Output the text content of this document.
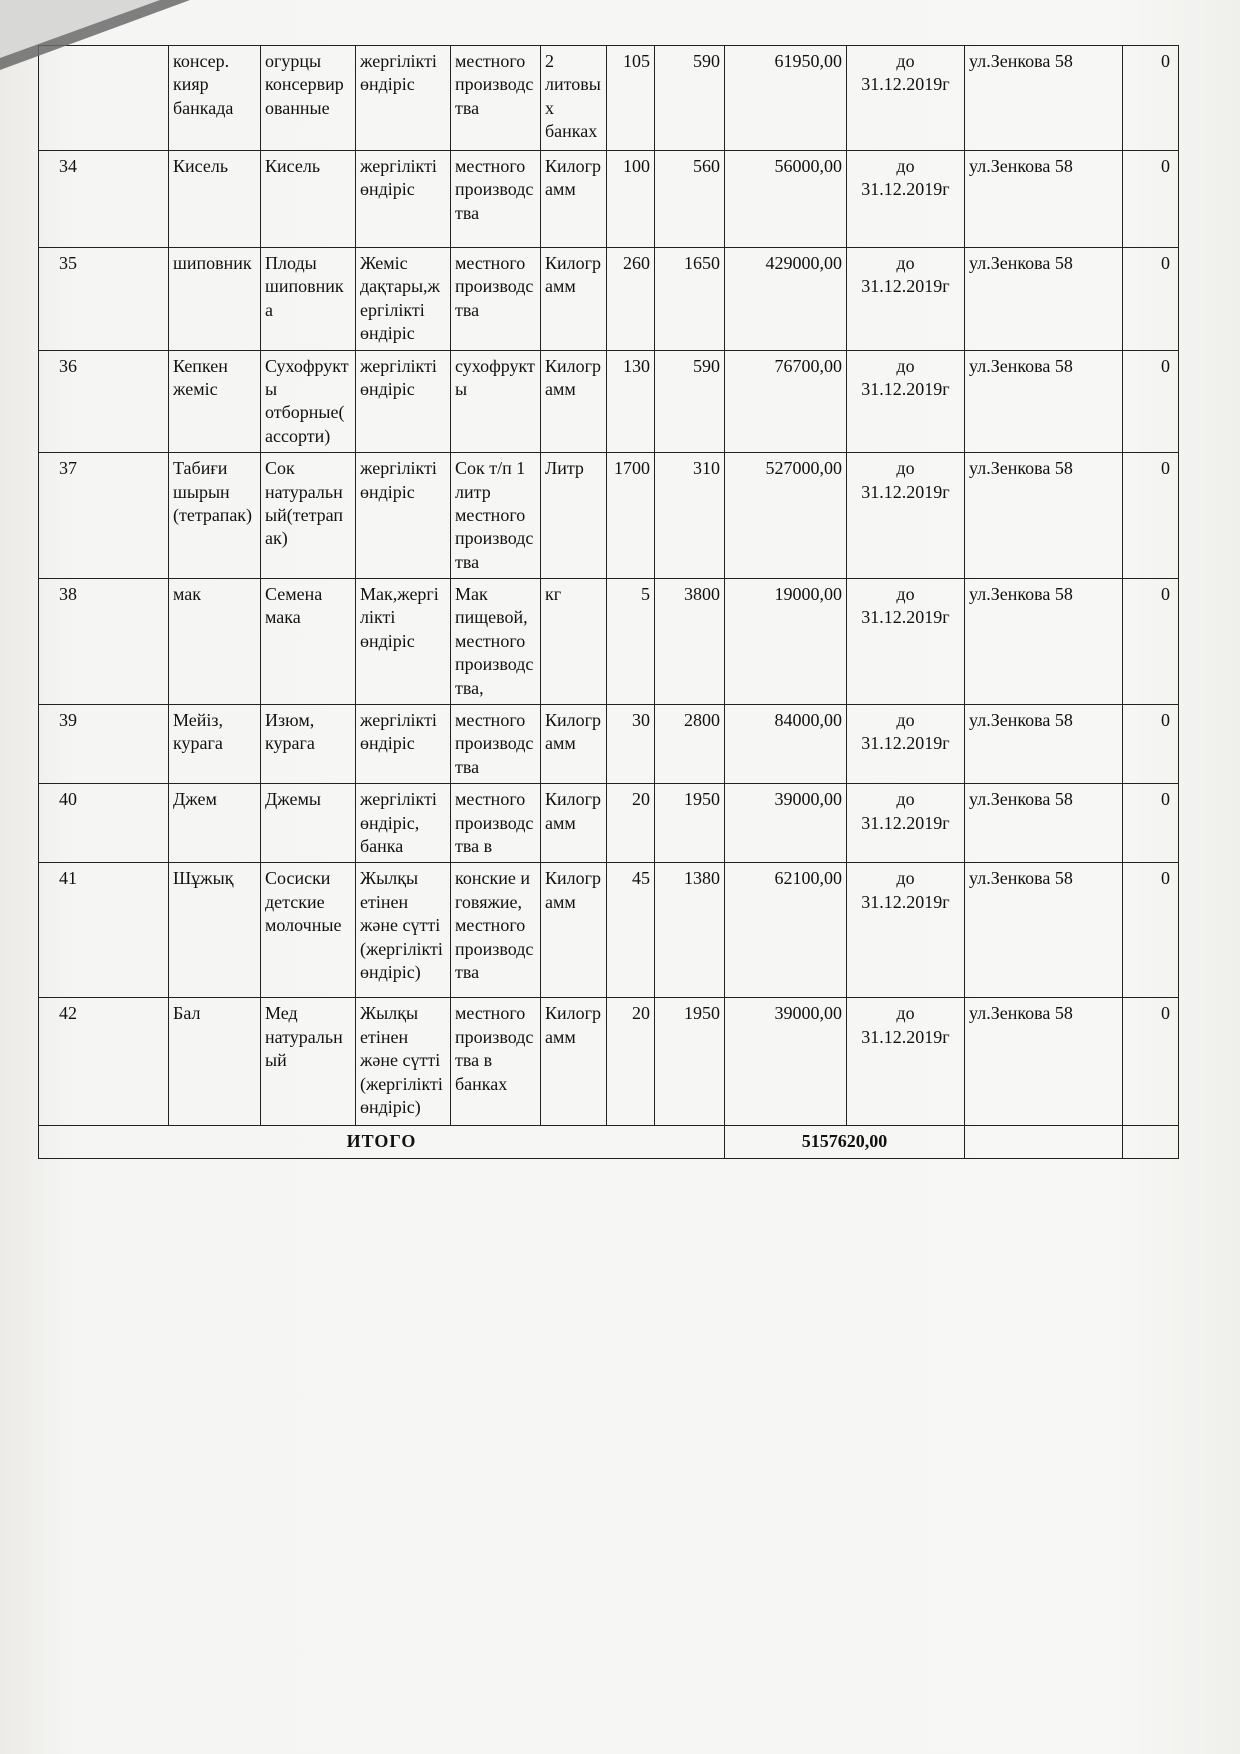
	консер. кияр банкада	огурцы консервированные	жергілікті өндіріс	местного производства	2 литовых банках	105	590	61950,00	до 31.12.2019г	ул.Зенкова 58	0
34	Кисель	Кисель	жергілікті өндіріс	местного производства	Килограмм	100	560	56000,00	до 31.12.2019г	ул.Зенкова 58	0
35	шиповник	Плоды шиповника	Жеміс дақтары,жергілікті өндіріс	местного производства	Килограмм	260	1650	429000,00	до 31.12.2019г	ул.Зенкова 58	0
36	Кепкен жеміс	Сухофрукты отборные(ассорти)	жергілікті өндіріс	сухофрукты	Килограмм	130	590	76700,00	до 31.12.2019г	ул.Зенкова 58	0
37	Табиғи шырын (тетрапак)	Сок натуральный(тетрапак)	жергілікті өндіріс	Сок т/п 1 литр местного производства	Литр	1700	310	527000,00	до 31.12.2019г	ул.Зенкова 58	0
38	мак	Семена мака	Мак,жергілікті өндіріс	Мак пищевой, местного производства,	кг	5	3800	19000,00	до 31.12.2019г	ул.Зенкова 58	0
39	Мейіз, курага	Изюм, курага	жергілікті өндіріс	местного производства	Килограмм	30	2800	84000,00	до 31.12.2019г	ул.Зенкова 58	0
40	Джем	Джемы	жергілікті өндіріс, банка	местного производства в	Килограмм	20	1950	39000,00	до 31.12.2019г	ул.Зенкова 58	0
41	Шұжық	Сосиски детские молочные	Жылқы етінен және сүтті (жергілікті өндіріс)	конские и говяжие, местного производства	Килограмм	45	1380	62100,00	до 31.12.2019г	ул.Зенкова 58	0
42	Бал	Мед натуральный	Жылқы етінен және сүтті (жергілікті өндіріс)	местного производства в банках	Килограмм	20	1950	39000,00	до 31.12.2019г	ул.Зенкова 58	0
ИТОГО								5157620,00			
